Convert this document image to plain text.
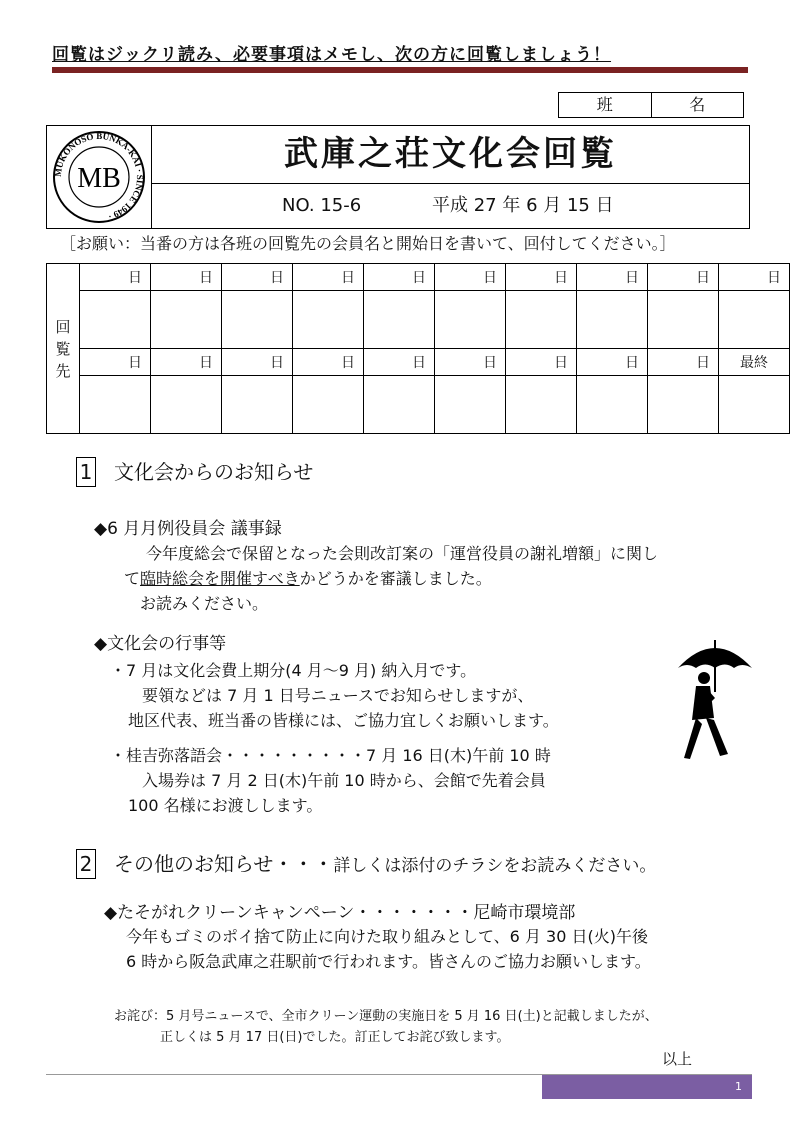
回覧はジックリ読み、必要事項はメモし、次の方に回覧しましょう！
班	名
MUKONOSO BUNKA-KAI · SINCE 1949 ·
MB
武庫之荘文化会回覧
NO. 15-6	平成 27 年 6 月 15 日
［お願い：当番の方は各班の回覧先の会員名と開始日を書いて、回付してください。］
回覧先	日	日	日	日	日	日	日	日	日	日

	日	日	日	日	日	日	日	日	日	最終

1 文化会からのお知らせ
◆6 月月例役員会 議事録
今年度総会で保留となった会則改訂案の「運営役員の謝礼増額」に関し
て臨時総会を開催すべきかどうかを審議しました。
お読みください。
◆文化会の行事等
・7 月は文化会費上期分(4 月〜9 月) 納入月です。
要領などは 7 月 1 日号ニュースでお知らせしますが、
地区代表、班当番の皆様には、ご協力宜しくお願いします。
・桂吉弥落語会・・・・・・・・・7 月 16 日(木)午前 10 時
入場券は 7 月 2 日(木)午前 10 時から、会館で先着会員
100 名様にお渡しします。
2 その他のお知らせ・・・詳しくは添付のチラシをお読みください。
◆たそがれクリーンキャンペーン・・・・・・・尼崎市環境部
今年もゴミのポイ捨て防止に向けた取り組みとして、6 月 30 日(火)午後
6 時から阪急武庫之荘駅前で行われます。皆さんのご協力お願いします。
お詫び：5 月号ニュースで、全市クリーン運動の実施日を 5 月 16 日(土)と記載しましたが、
正しくは 5 月 17 日(日)でした。訂正してお詫び致します。
以上
1
